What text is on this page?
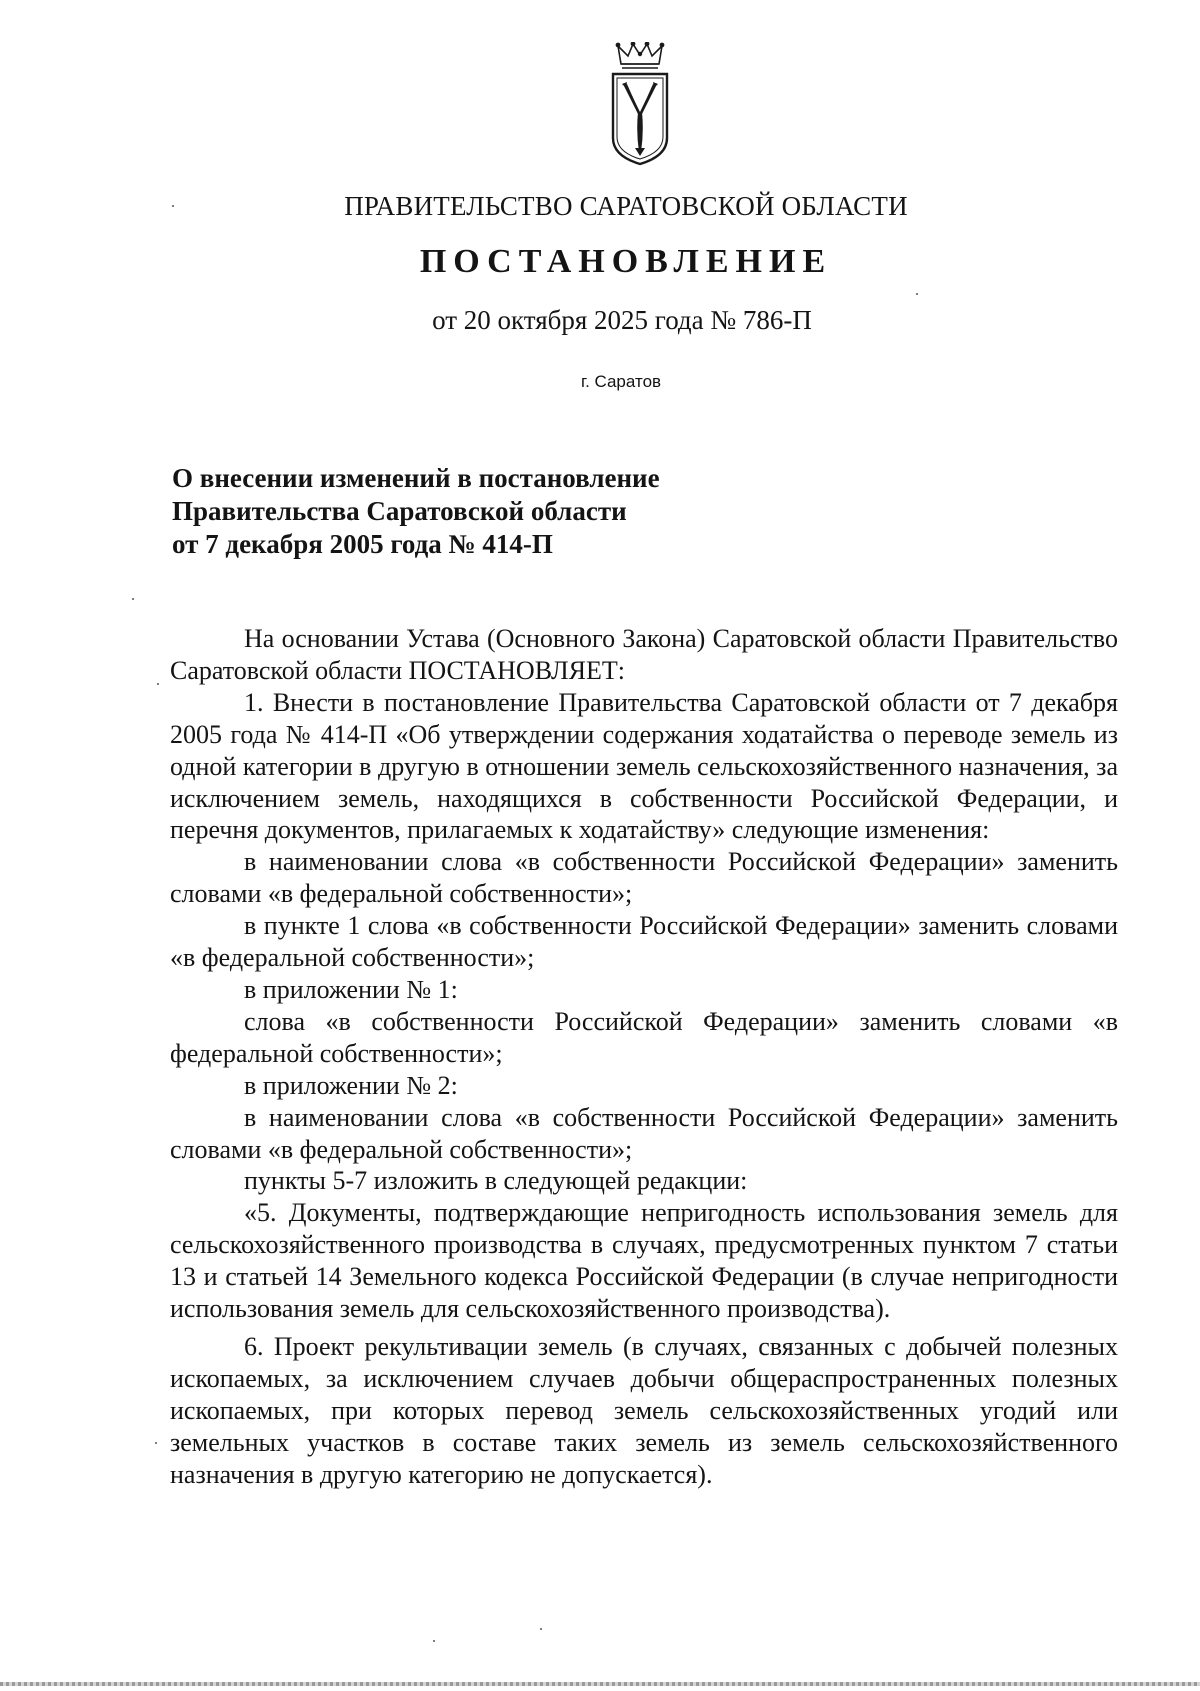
ПРАВИТЕЛЬСТВО САРАТОВСКОЙ ОБЛАСТИ
ПОСТАНОВЛЕНИЕ
от 20 октября 2025 года № 786-П
г. Саратов
О внесении изменений в постановление
Правительства Саратовской области
от 7 декабря 2005 года № 414-П

На основании Устава (Основного Закона) Саратовской области Правительство Саратовской области ПОСТАНОВЛЯЕТ:

1. Внести в постановление Правительства Саратовской области от 7 декабря 2005 года № 414-П «Об утверждении содержания ходатайства о переводе земель из одной категории в другую в отношении земель сельскохозяйственного назначения, за исключением земель, находящихся в собственности Российской Федерации, и перечня документов, прилагаемых к ходатайству» следующие изменения:

в наименовании слова «в собственности Российской Федерации» заменить словами «в федеральной собственности»;

в пункте 1 слова «в собственности Российской Федерации» заменить словами «в федеральной собственности»;

в приложении № 1:

слова «в собственности Российской Федерации» заменить словами «в федеральной собственности»;

в приложении № 2:

в наименовании слова «в собственности Российской Федерации» заменить словами «в федеральной собственности»;

пункты 5-7 изложить в следующей редакции:

«5. Документы, подтверждающие непригодность использования земель для сельскохозяйственного производства в случаях, предусмотренных пунктом 7 статьи 13 и статьей 14 Земельного кодекса Российской Федерации (в случае непригодности использования земель для сельскохозяйственного производства).

6. Проект рекультивации земель (в случаях, связанных с добычей полезных ископаемых, за исключением случаев добычи общераспространенных полезных ископаемых, при которых перевод земель сельскохозяйственных угодий или земельных участков в составе таких земель из земель сельскохозяйственного назначения в другую категорию не допускается).
